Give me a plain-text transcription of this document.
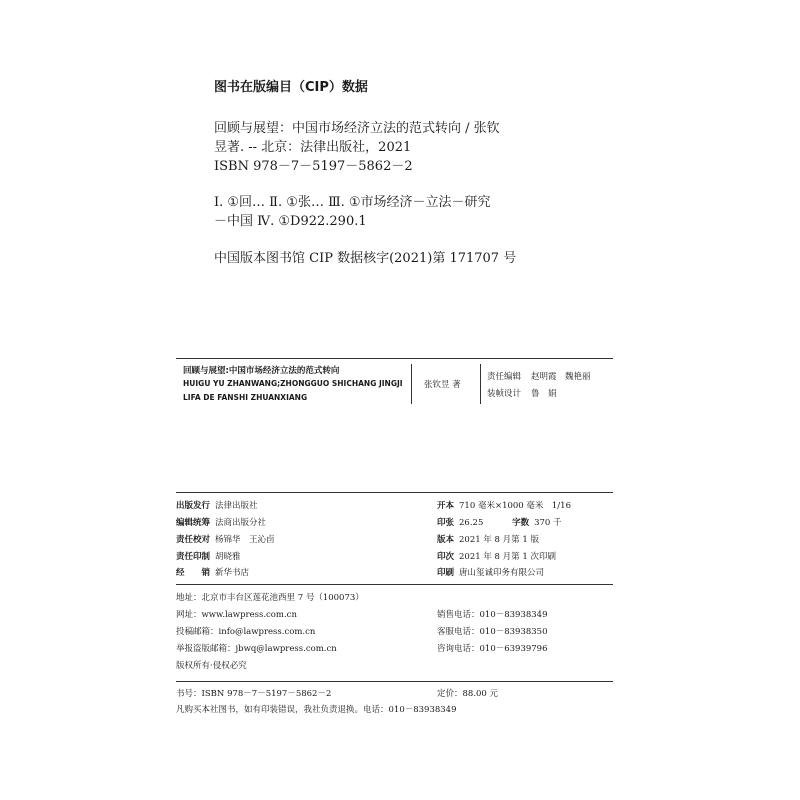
图书在版编目（CIP）数据
回顾与展望：中国市场经济立法的范式转向 / 张钦
昱著. -- 北京：法律出版社，2021
ISBN 978－7－5197－5862－2
Ⅰ. ①回… Ⅱ. ①张… Ⅲ. ①市场经济－立法－研究
－中国 Ⅳ. ①D922.290.1
中国版本图书馆 CIP 数据核字(2021)第 171707 号
回顾与展望:中国市场经济立法的范式转向
HUIGU YU ZHANWANG;ZHONGGUO SHICHANG JINGJI
LIFA DE FANSHI ZHUANXIANG
张钦昱 著
责任编辑 赵明霞　魏艳丽
装帧设计 鲁　娟
出版发行 法律出版社
编辑统筹 法商出版分社
责任校对 杨锦华　王沁卣
责任印制 胡晓雅
经　　销 新华书店
开本 710 毫米×1000 毫米　1/16
印张 26.25	字数 370 千
版本 2021 年 8 月第 1 版
印次 2021 年 8 月第 1 次印刷
印刷 唐山玺诚印务有限公司
地址：北京市丰台区莲花池西里 7 号（100073）
网址：www.lawpress.com.cn
投稿邮箱：info@lawpress.com.cn
举报盗版邮箱：jbwq@lawpress.com.cn
版权所有·侵权必究
销售电话：010－83938349
客服电话：010－83938350
咨询电话：010－63939796
书号：ISBN 978－7－5197－5862－2	定价：88.00 元
凡购买本社图书，如有印装错误，我社负责退换。电话：010－83938349
